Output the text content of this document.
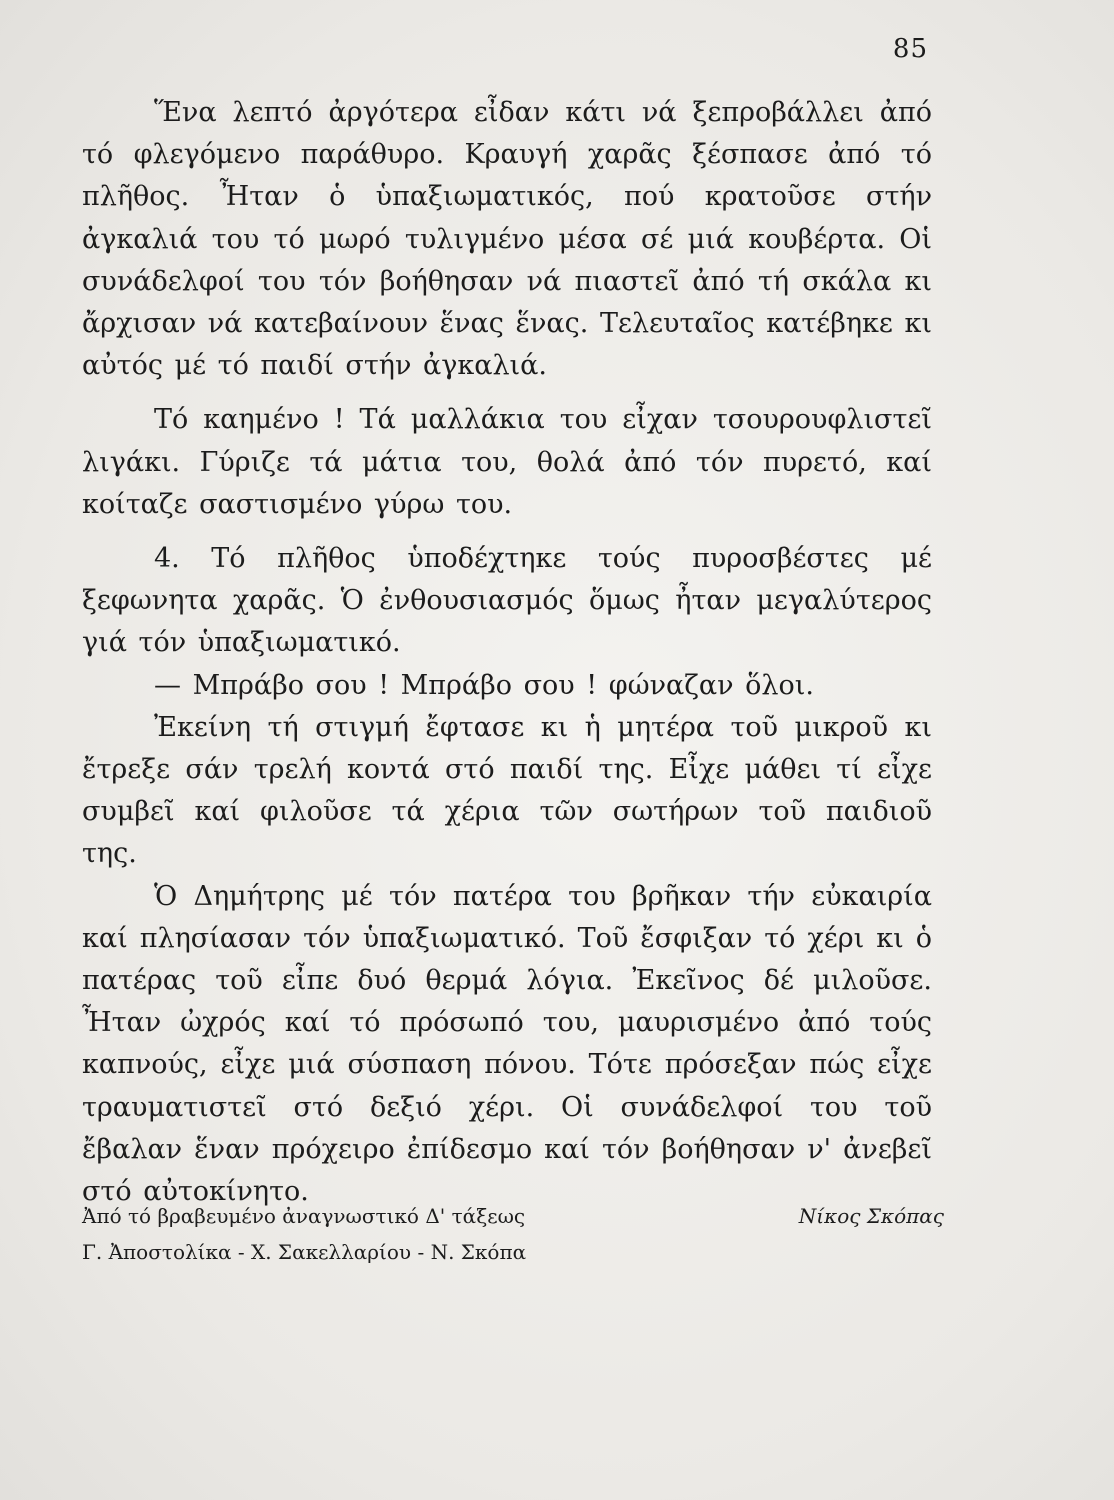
85

Ἕνα λεπτό ἀργότερα εἶδαν κάτι νά ξεπροβάλλει ἀπό τό φλεγόμενο παράθυρο. Κραυγή χαρᾶς ξέσπασε ἀπό τό πλῆθος. Ἦταν ὁ ὑπαξιωματικός, πού κρατοῦσε στήν ἀγκαλιά του τό μωρό τυλιγμένο μέσα σέ μιά κουβέρτα. Οἱ συνάδελφοί του τόν βοήθησαν νά πιαστεῖ ἀπό τή σκάλα κι ἄρχισαν νά κατεβαίνουν ἕνας ἕνας. Τελευταῖος κατέβηκε κι αὐτός μέ τό παιδί στήν ἀγκαλιά.

Τό καημένο ! Τά μαλλάκια του εἶχαν τσουρουφλιστεῖ λιγάκι. Γύριζε τά μάτια του, θολά ἀπό τόν πυρετό, καί κοίταζε σαστισμένο γύρω του.

4. Τό πλῆθος ὑποδέχτηκε τούς πυροσβέστες μέ ξεφωνητα χαρᾶς. Ὁ ἐνθουσιασμός ὅμως ἦταν μεγαλύτερος γιά τόν ὑπαξιωματικό.

— Μπράβο σου ! Μπράβο σου ! φώναζαν ὅλοι.

Ἐκείνη τή στιγμή ἔφτασε κι ἡ μητέρα τοῦ μικροῦ κι ἔτρεξε σάν τρελή κοντά στό παιδί της. Εἶχε μάθει τί εἶχε συμβεῖ καί φιλοῦσε τά χέρια τῶν σωτήρων τοῦ παιδιοῦ της.

Ὁ Δημήτρης μέ τόν πατέρα του βρῆκαν τήν εὐκαιρία καί πλησίασαν τόν ὑπαξιωματικό. Τοῦ ἔσφιξαν τό χέρι κι ὁ πατέρας τοῦ εἶπε δυό θερμά λόγια. Ἐκεῖνος δέ μιλοῦσε. Ἦταν ὠχρός καί τό πρόσωπό του, μαυρισμένο ἀπό τούς καπνούς, εἶχε μιά σύσπαση πόνου. Τότε πρόσεξαν πώς εἶχε τραυματιστεῖ στό δεξιό χέρι. Οἱ συνάδελφοί του τοῦ ἔβαλαν ἕναν πρόχειρο ἐπίδεσμο καί τόν βοήθησαν ν' ἀνεβεῖ στό αὐτοκίνητο.

Ἀπό τό βραβευμένο ἀναγνωστικό Δ' τάξεως	Νίκος Σκόπας
Γ. Ἀποστολίκα - Χ. Σακελλαρίου - Ν. Σκόπα
